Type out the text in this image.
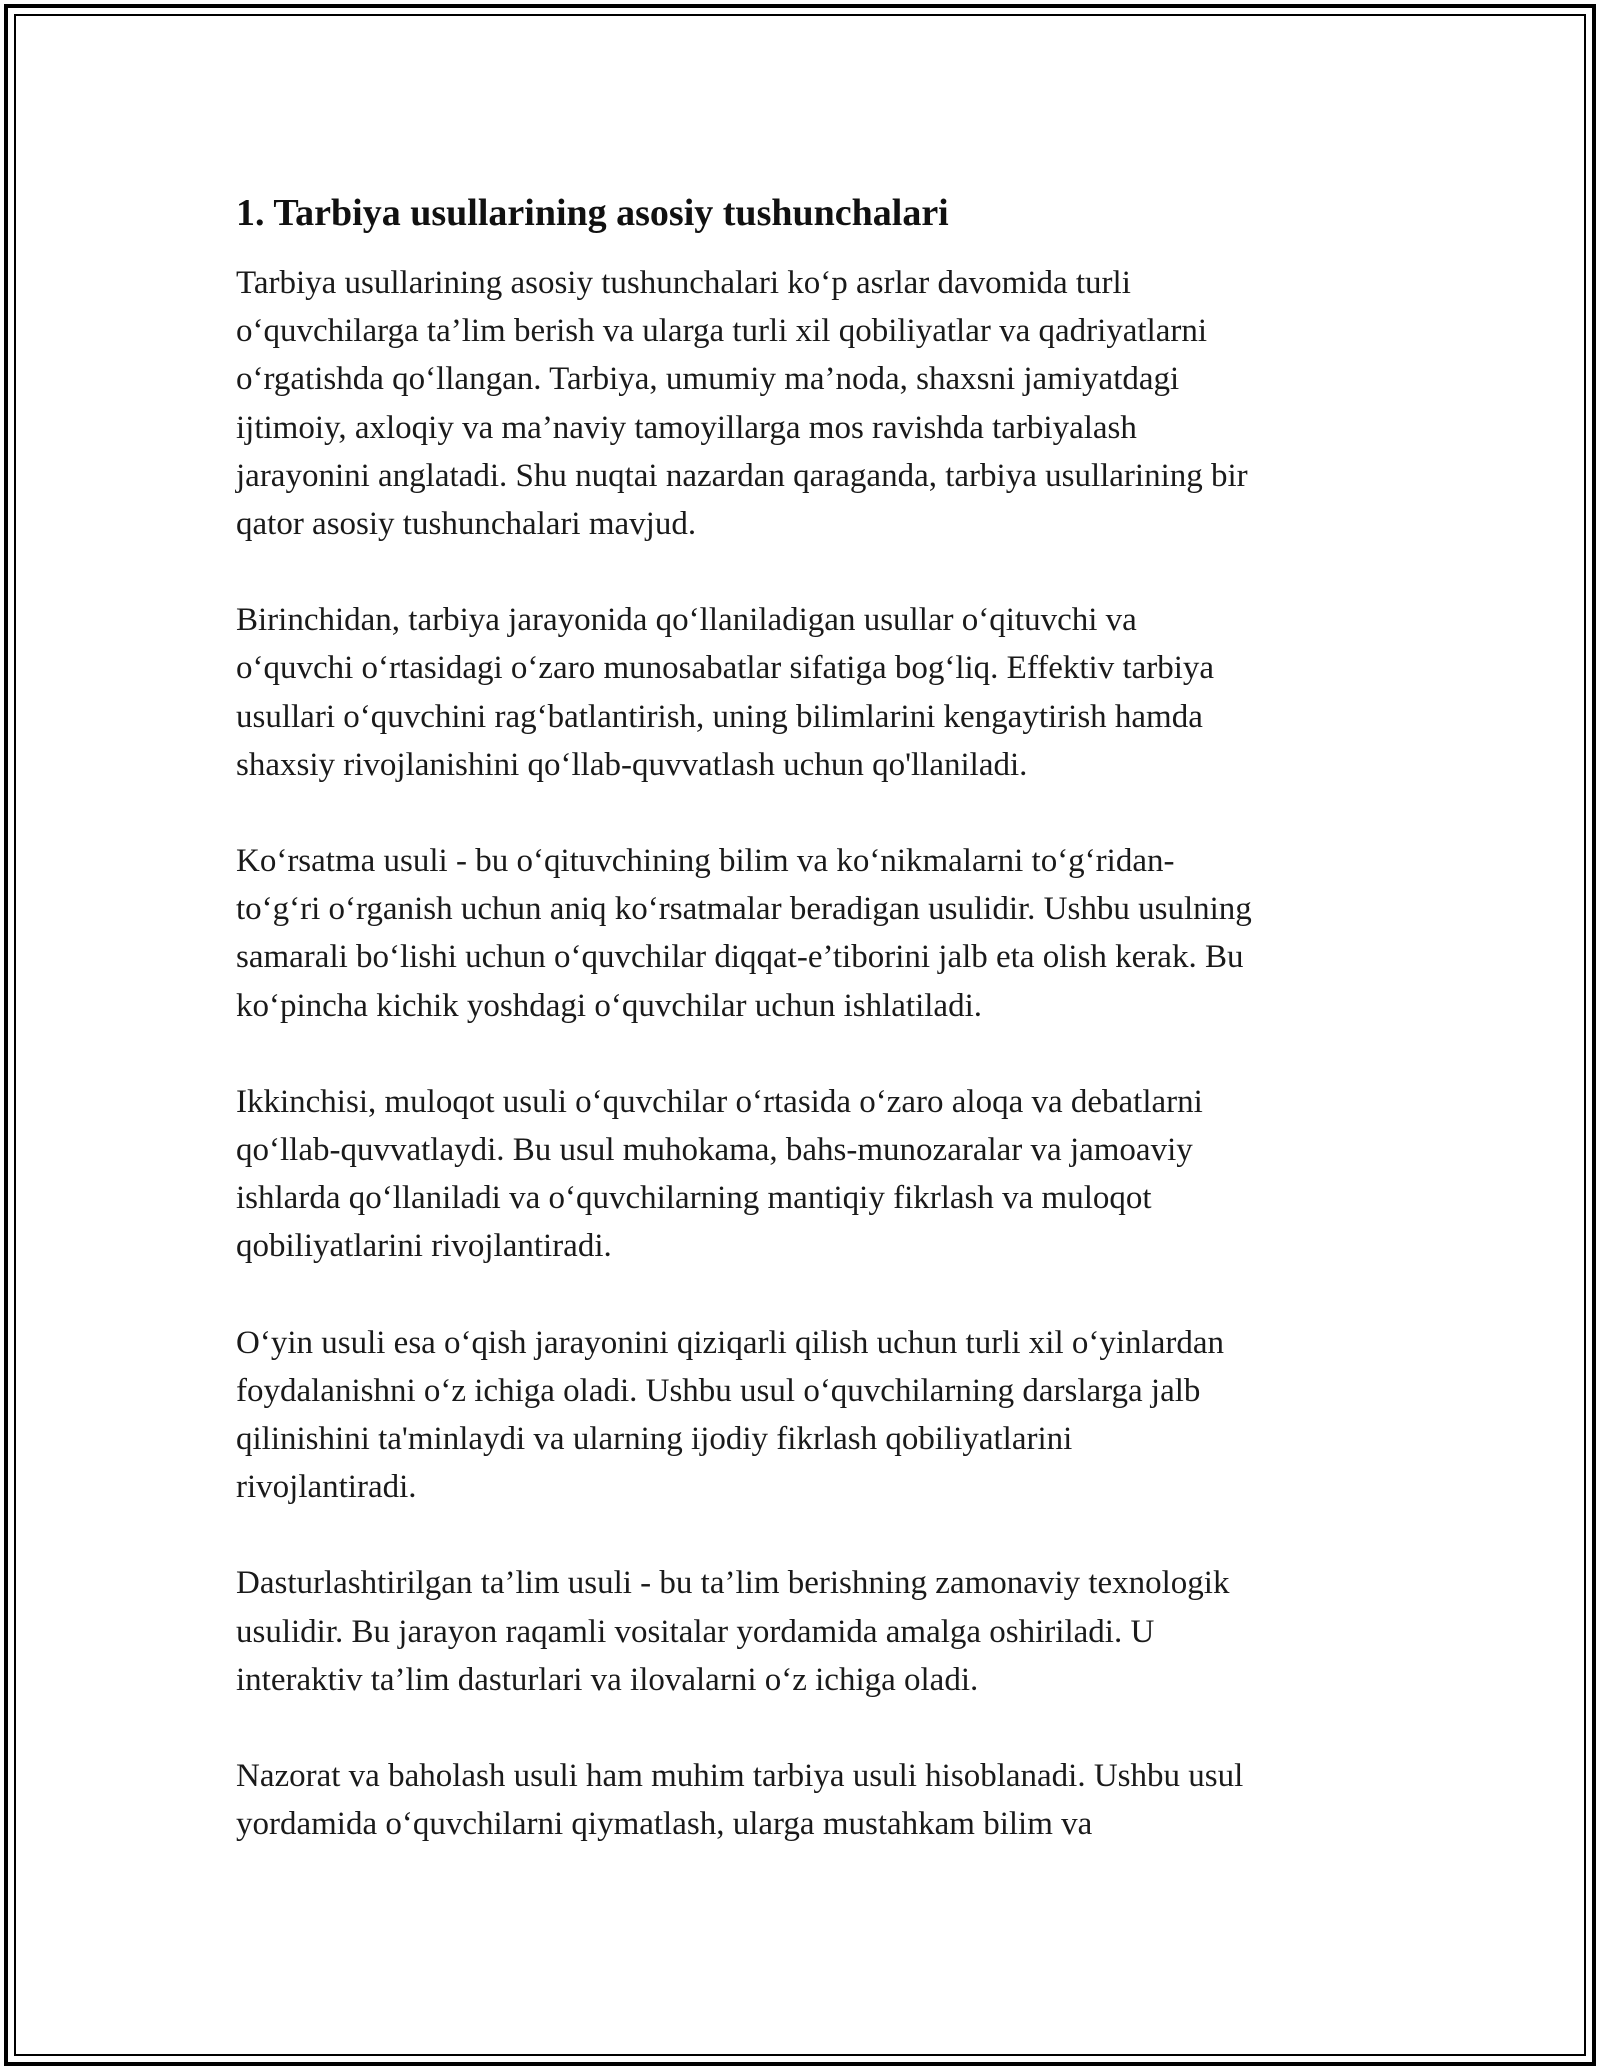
1. Tarbiya usullarining asosiy tushunchalari
Tarbiya usullarining asosiy tushunchalari ko‘p asrlar davomida turli
o‘quvchilarga ta’lim berish va ularga turli xil qobiliyatlar va qadriyatlarni
o‘rgatishda qo‘llangan. Tarbiya, umumiy ma’noda, shaxsni jamiyatdagi
ijtimoiy, axloqiy va ma’naviy tamoyillarga mos ravishda tarbiyalash
jarayonini anglatadi. Shu nuqtai nazardan qaraganda, tarbiya usullarining bir
qator asosiy tushunchalari mavjud.
Birinchidan, tarbiya jarayonida qo‘llaniladigan usullar o‘qituvchi va
o‘quvchi o‘rtasidagi o‘zaro munosabatlar sifatiga bog‘liq. Effektiv tarbiya
usullari o‘quvchini rag‘batlantirish, uning bilimlarini kengaytirish hamda
shaxsiy rivojlanishini qo‘llab-quvvatlash uchun qo'llaniladi.
Ko‘rsatma usuli - bu o‘qituvchining bilim va ko‘nikmalarni to‘g‘ridan-
to‘g‘ri o‘rganish uchun aniq ko‘rsatmalar beradigan usulidir. Ushbu usulning
samarali bo‘lishi uchun o‘quvchilar diqqat-e’tiborini jalb eta olish kerak. Bu
ko‘pincha kichik yoshdagi o‘quvchilar uchun ishlatiladi.
Ikkinchisi, muloqot usuli o‘quvchilar o‘rtasida o‘zaro aloqa va debatlarni
qo‘llab-quvvatlaydi. Bu usul muhokama, bahs-munozaralar va jamoaviy
ishlarda qo‘llaniladi va o‘quvchilarning mantiqiy fikrlash va muloqot
qobiliyatlarini rivojlantiradi.
O‘yin usuli esa o‘qish jarayonini qiziqarli qilish uchun turli xil o‘yinlardan
foydalanishni o‘z ichiga oladi. Ushbu usul o‘quvchilarning darslarga jalb
qilinishini ta'minlaydi va ularning ijodiy fikrlash qobiliyatlarini
rivojlantiradi.
Dasturlashtirilgan ta’lim usuli - bu ta’lim berishning zamonaviy texnologik
usulidir. Bu jarayon raqamli vositalar yordamida amalga oshiriladi. U
interaktiv ta’lim dasturlari va ilovalarni o‘z ichiga oladi.
Nazorat va baholash usuli ham muhim tarbiya usuli hisoblanadi. Ushbu usul
yordamida o‘quvchilarni qiymatlash, ularga mustahkam bilim va
